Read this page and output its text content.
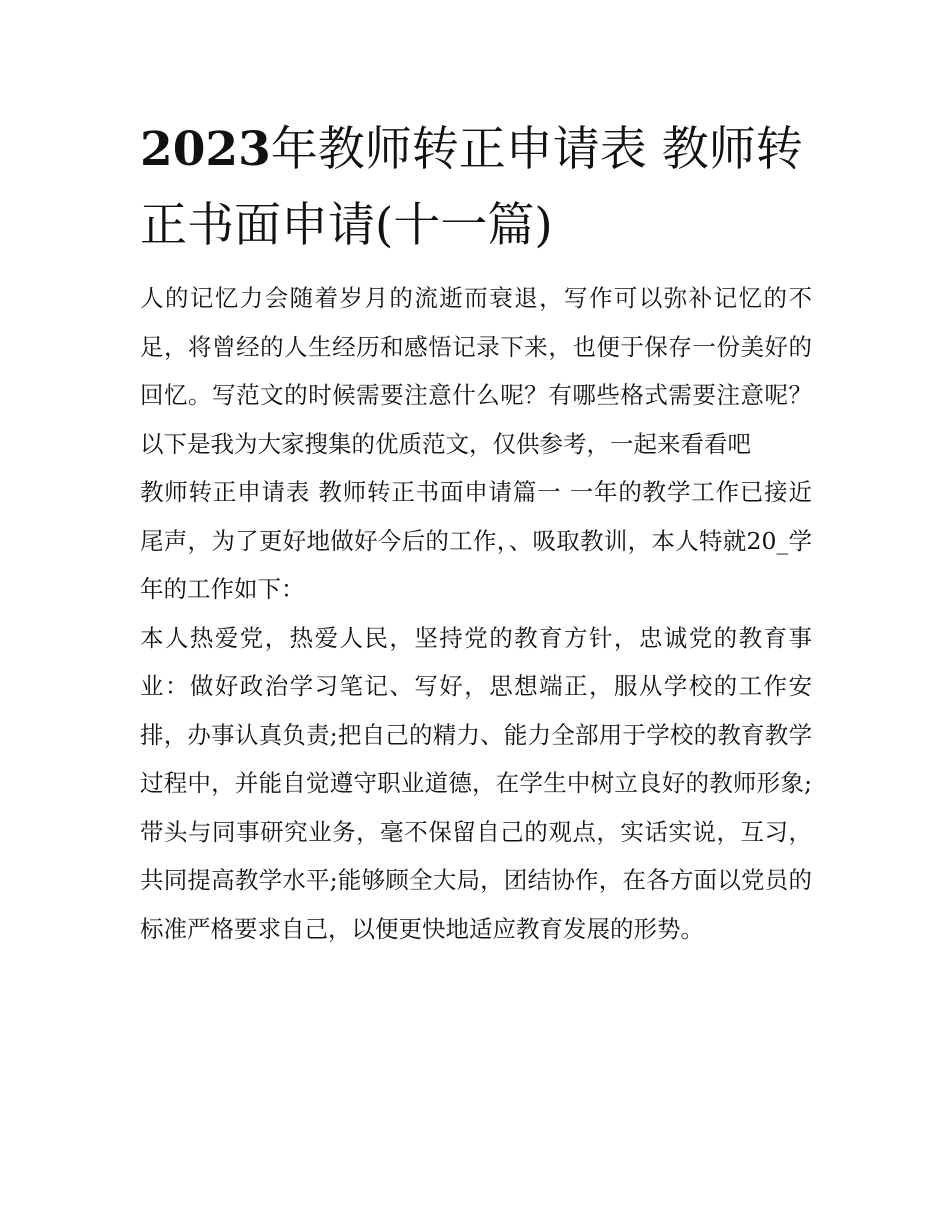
2023年教师转正申请表 教师转正书面申请(十一篇)

人的记忆力会随着岁月的流逝而衰退，写作可以弥补记忆的不足，将曾经的人生经历和感悟记录下来，也便于保存一份美好的回忆。写范文的时候需要注意什么呢？有哪些格式需要注意呢？以下是我为大家搜集的优质范文，仅供参考，一起来看看吧

教师转正申请表 教师转正书面申请篇一 一年的教学工作已接近尾声，为了更好地做好今后的工作，、吸取教训，本人特就20_学年的工作如下：

本人热爱党，热爱人民，坚持党的教育方针，忠诚党的教育事业：做好政治学习笔记、写好，思想端正，服从学校的工作安排，办事认真负责;把自己的精力、能力全部用于学校的教育教学过程中，并能自觉遵守职业道德，在学生中树立良好的教师形象;带头与同事研究业务，毫不保留自己的观点，实话实说，互习，共同提高教学水平;能够顾全大局，团结协作，在各方面以党员的标准严格要求自己，以便更快地适应教育发展的形势。
